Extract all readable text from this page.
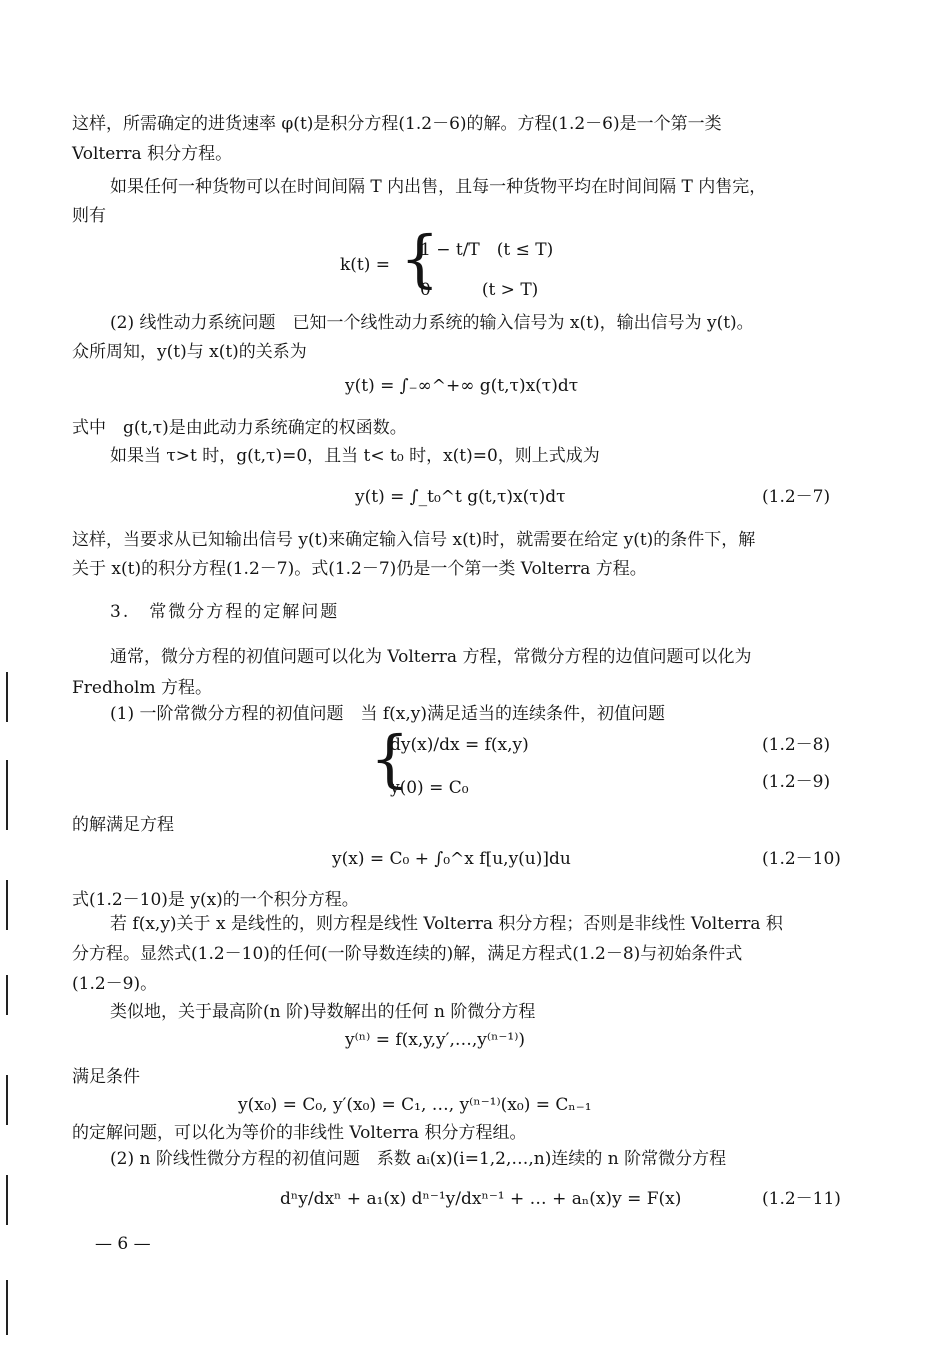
这样，所需确定的进货速率 φ(t)是积分方程(1.2－6)的解。方程(1.2－6)是一个第一类
Volterra 积分方程。
如果任何一种货物可以在时间间隔 T 内出售，且每一种货物平均在时间间隔 T 内售完，
则有
k(t) = {
1 − t/T　(t ≤ T)
0　　　(t > T)
(2) 线性动力系统问题　已知一个线性动力系统的输入信号为 x(t)，输出信号为 y(t)。
众所周知，y(t)与 x(t)的关系为
y(t) = ∫₋∞^+∞ g(t,τ)x(τ)dτ
式中　g(t,τ)是由此动力系统确定的权函数。
如果当 τ>t 时，g(t,τ)=0，且当 t< t₀ 时，x(t)=0，则上式成为
y(t) = ∫_t₀^t g(t,τ)x(τ)dτ	(1.2－7)
这样，当要求从已知输出信号 y(t)来确定输入信号 x(t)时，就需要在给定 y(t)的条件下，解
关于 x(t)的积分方程(1.2－7)。式(1.2－7)仍是一个第一类 Volterra 方程。
3.　常微分方程的定解问题
通常，微分方程的初值问题可以化为 Volterra 方程，常微分方程的边值问题可以化为
Fredholm 方程。
(1) 一阶常微分方程的初值问题　当 f(x,y)满足适当的连续条件，初值问题
{
dy(x)/dx = f(x,y)	(1.2－8)
y(0) = C₀	(1.2－9)
的解满足方程
y(x) = C₀ + ∫₀^x f[u,y(u)]du	(1.2－10)
式(1.2－10)是 y(x)的一个积分方程。
若 f(x,y)关于 x 是线性的，则方程是线性 Volterra 积分方程；否则是非线性 Volterra 积
分方程。显然式(1.2－10)的任何(一阶导数连续的)解，满足方程式(1.2－8)与初始条件式
(1.2－9)。
类似地，关于最高阶(n 阶)导数解出的任何 n 阶微分方程
y⁽ⁿ⁾ = f(x,y,y′,…,y⁽ⁿ⁻¹⁾)
满足条件
y(x₀) = C₀, y′(x₀) = C₁, …, y⁽ⁿ⁻¹⁾(x₀) = Cₙ₋₁
的定解问题，可以化为等价的非线性 Volterra 积分方程组。
(2) n 阶线性微分方程的初值问题　系数 aᵢ(x)(i=1,2,…,n)连续的 n 阶常微分方程
dⁿy/dxⁿ + a₁(x) dⁿ⁻¹y/dxⁿ⁻¹ + … + aₙ(x)y = F(x)	(1.2－11)
— 6 —
